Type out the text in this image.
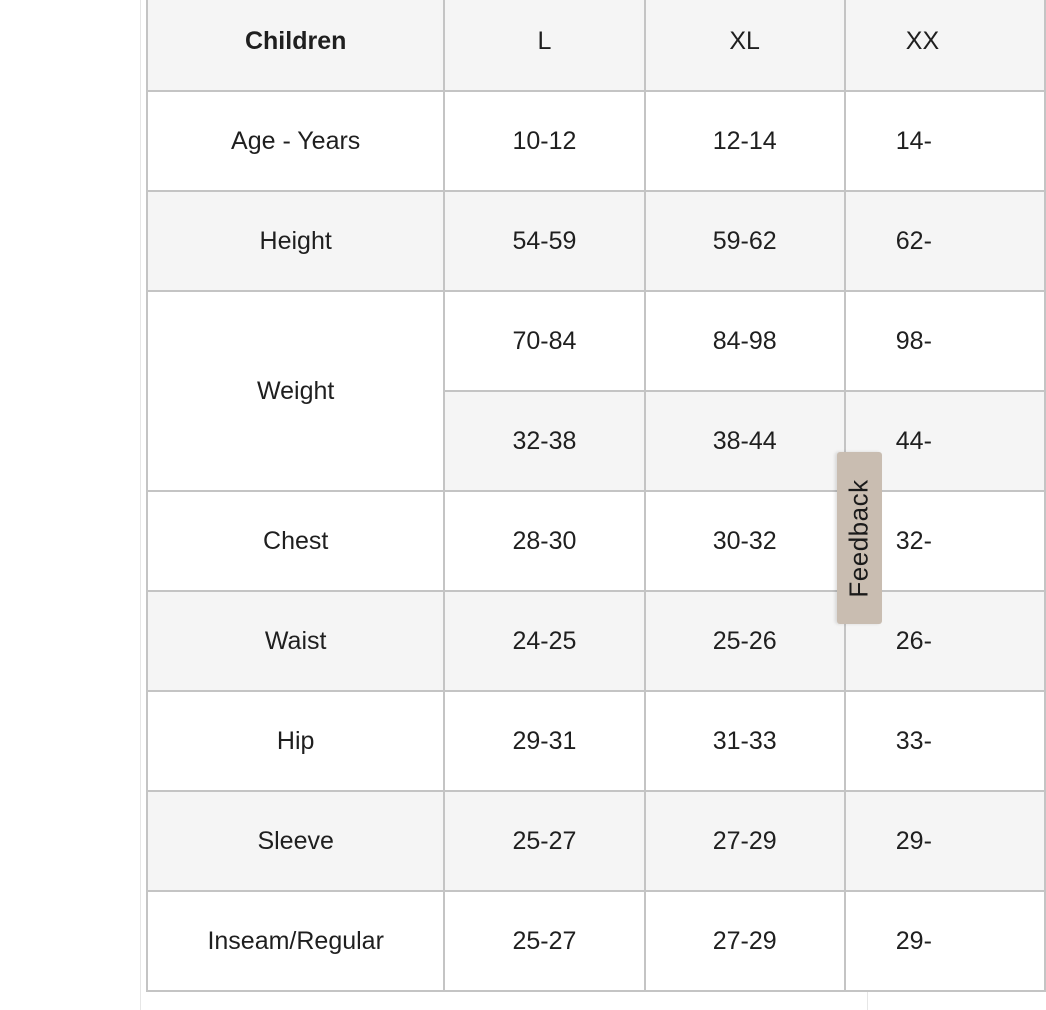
Children	L	XL	XX
Age - Years	10-12	12-14	14-
Height	54-59	59-62	62-
Weight	70-84	84-98	98-
	32-38	38-44	44-
Chest	28-30	30-32	32-
Waist	24-25	25-26	26-
Hip	29-31	31-33	33-
Sleeve	25-27	27-29	29-
Inseam/Regular	25-27	27-29	29-
Feedback
